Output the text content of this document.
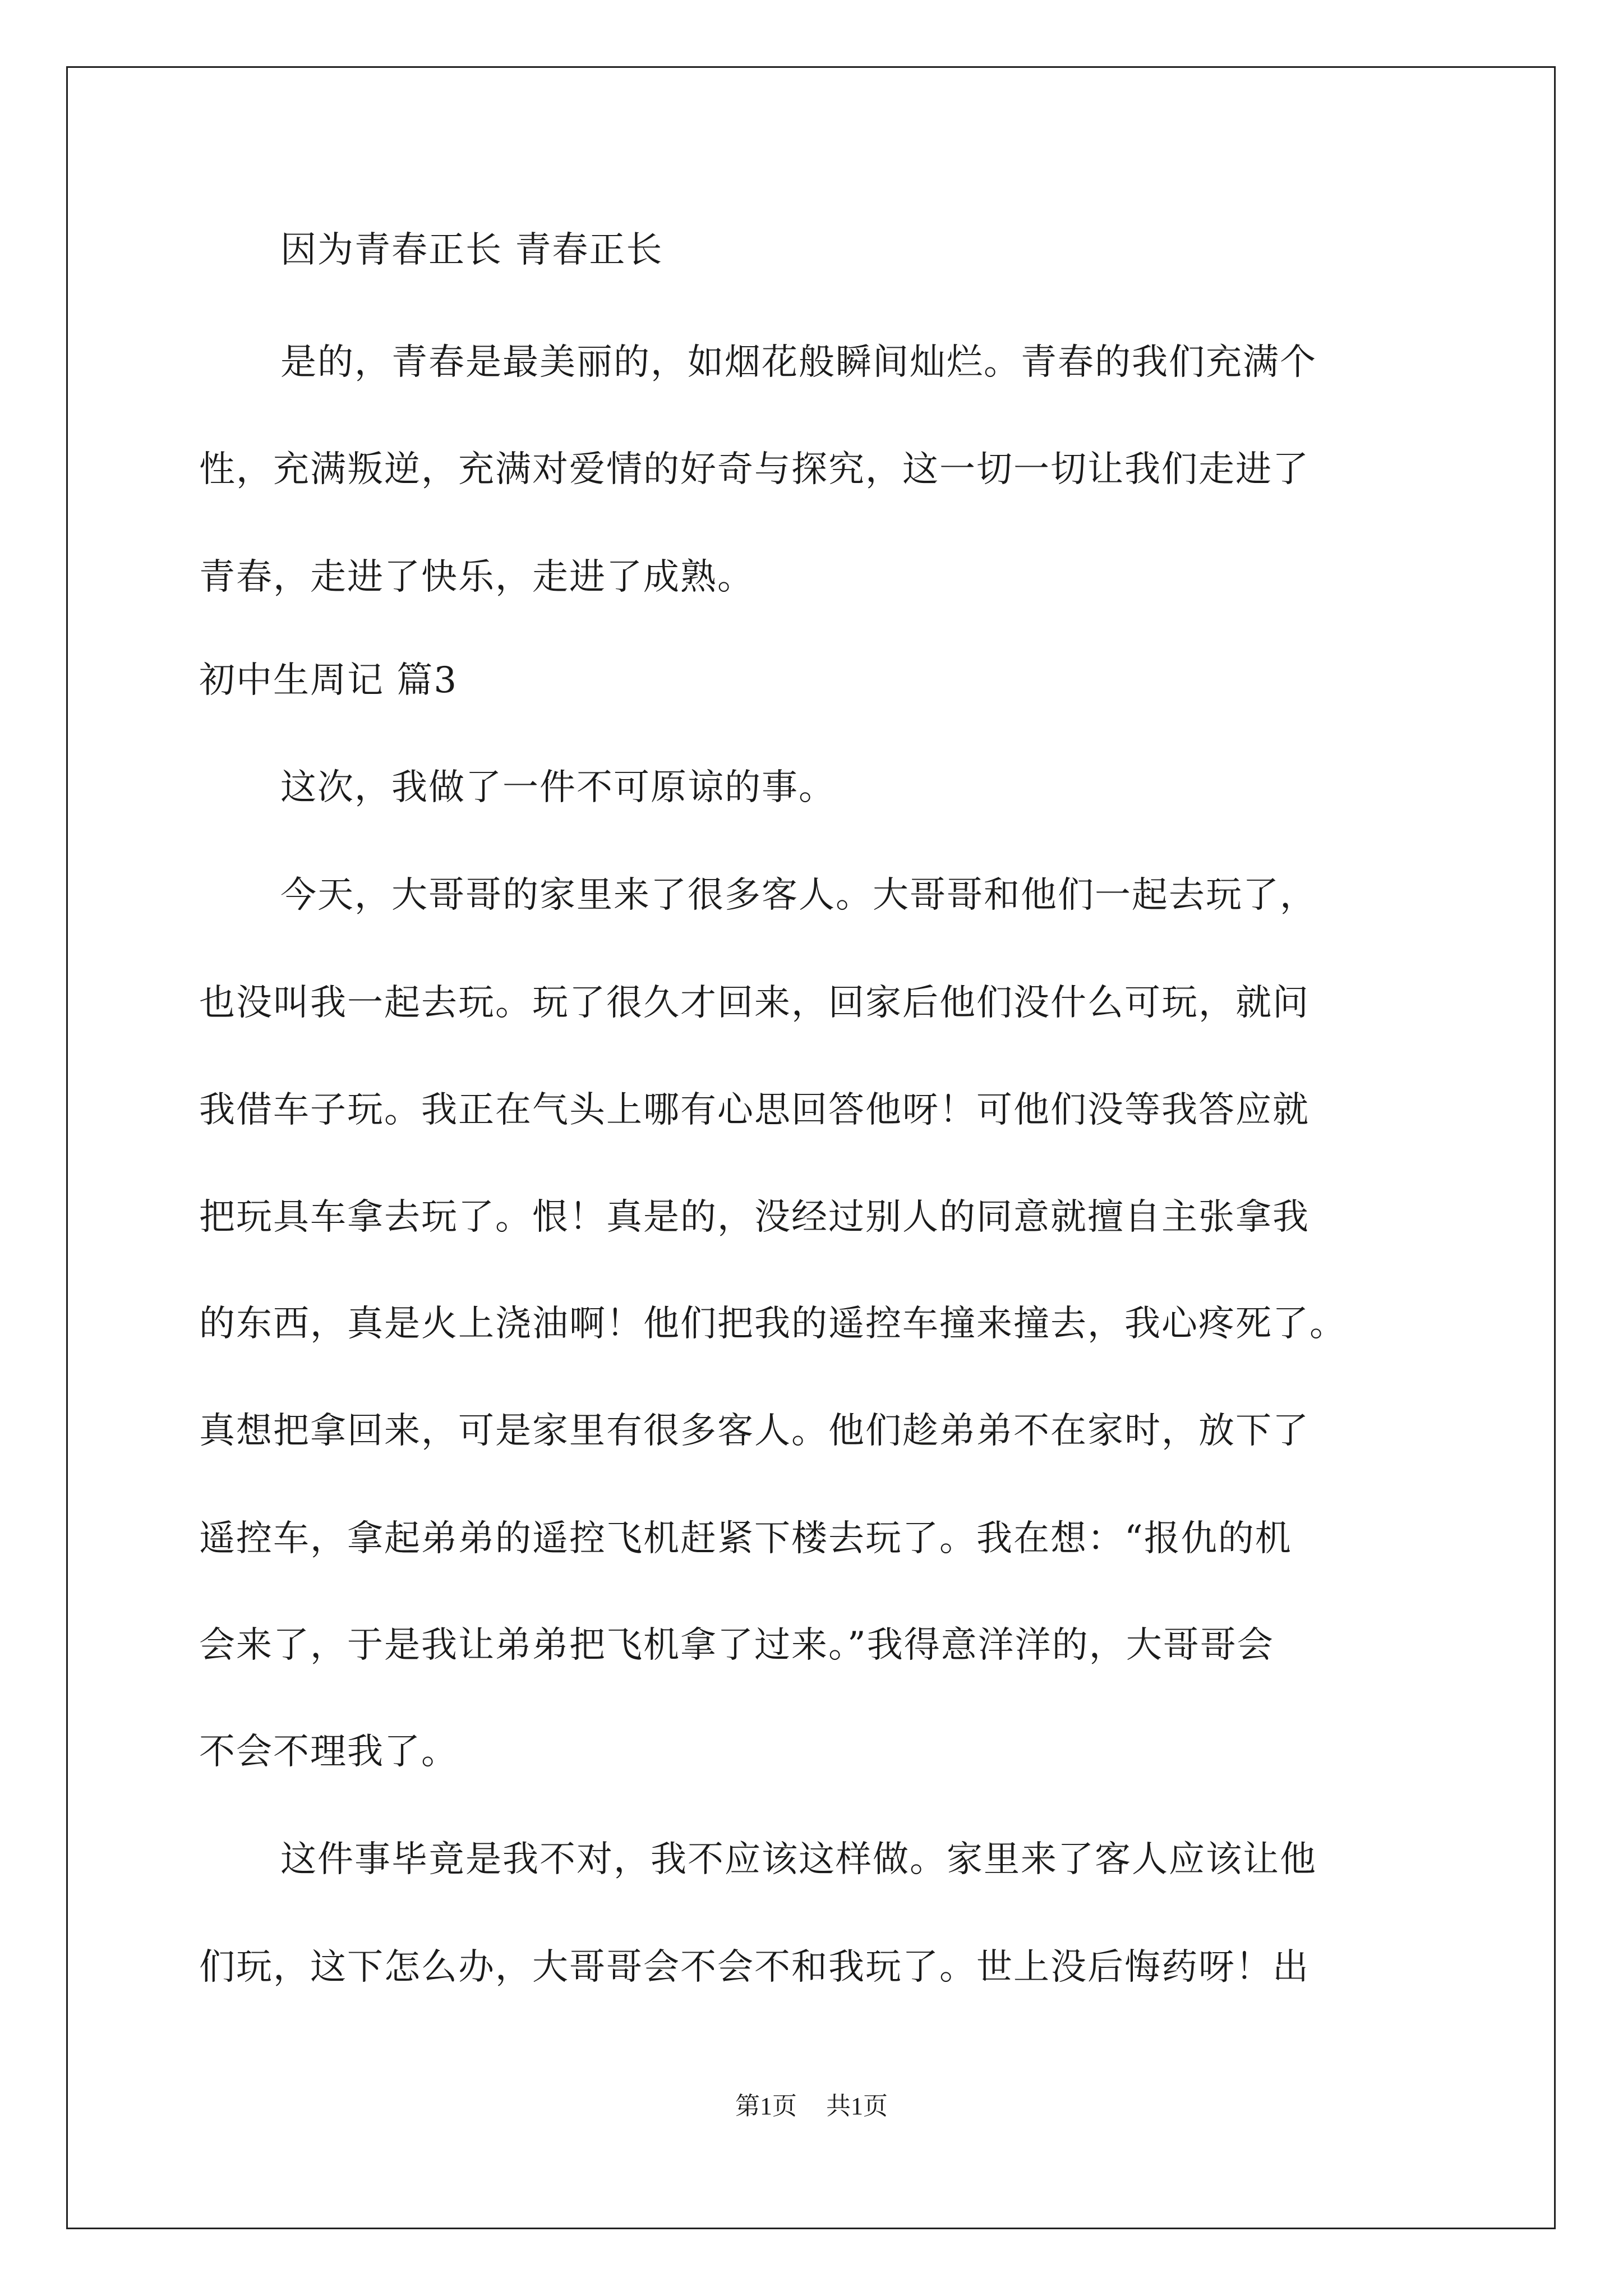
因为青春正长 青春正长
是的，青春是最美丽的，如烟花般瞬间灿烂。青春的我们充满个
性，充满叛逆，充满对爱情的好奇与探究，这一切一切让我们走进了
青春，走进了快乐，走进了成熟。
初中生周记 篇3
这次，我做了一件不可原谅的事。
今天，大哥哥的家里来了很多客人。大哥哥和他们一起去玩了，
也没叫我一起去玩。玩了很久才回来，回家后他们没什么可玩，就问
我借车子玩。我正在气头上哪有心思回答他呀！可他们没等我答应就
把玩具车拿去玩了。恨！真是的，没经过别人的同意就擅自主张拿我
的东西，真是火上浇油啊！他们把我的遥控车撞来撞去，我心疼死了。
真想把拿回来，可是家里有很多客人。他们趁弟弟不在家时，放下了
遥控车，拿起弟弟的遥控飞机赶紧下楼去玩了。我在想：“报仇的机
会来了，于是我让弟弟把飞机拿了过来。”我得意洋洋的，大哥哥会
不会不理我了。
这件事毕竟是我不对，我不应该这样做。家里来了客人应该让他
们玩，这下怎么办，大哥哥会不会不和我玩了。世上没后悔药呀！出
第1页 共1页
